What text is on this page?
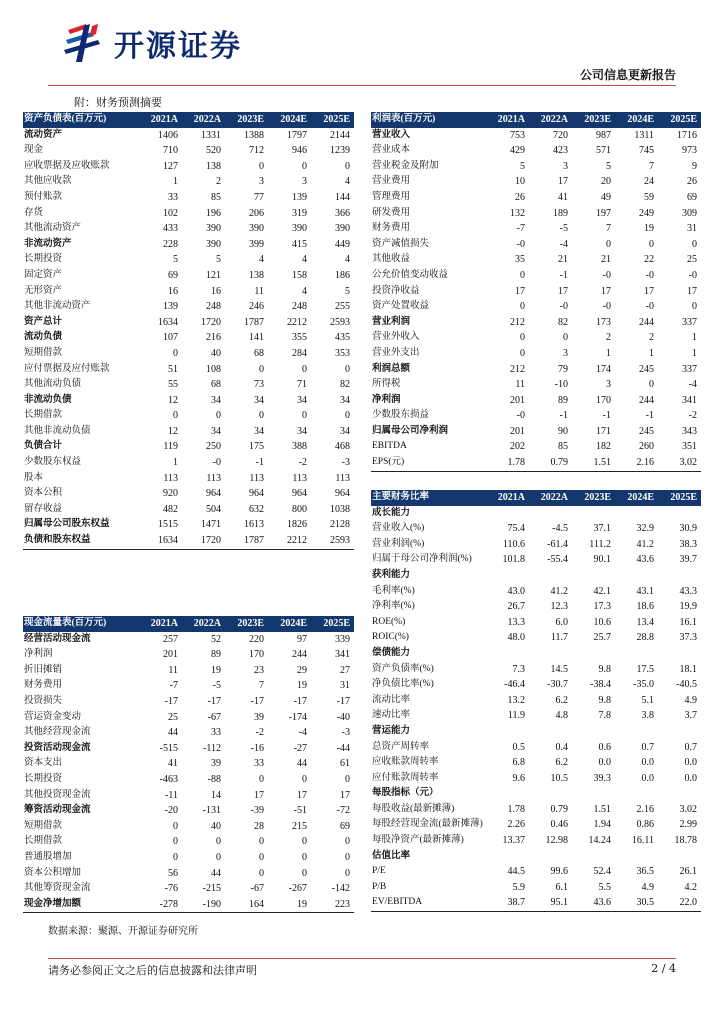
开源证券
公司信息更新报告
附：财务预测摘要
资产负债表(百万元)	2021A	2022A	2023E	2024E	2025E
流动资产	1406	1331	1388	1797	2144
现金	710	520	712	946	1239
应收票据及应收账款	127	138	0	0	0
其他应收款	1	2	3	3	4
预付账款	33	85	77	139	144
存货	102	196	206	319	366
其他流动资产	433	390	390	390	390
非流动资产	228	390	399	415	449
长期投资	5	5	4	4	4
固定资产	69	121	138	158	186
无形资产	16	16	11	4	5
其他非流动资产	139	248	246	248	255
资产总计	1634	1720	1787	2212	2593
流动负债	107	216	141	355	435
短期借款	0	40	68	284	353
应付票据及应付账款	51	108	0	0	0
其他流动负债	55	68	73	71	82
非流动负债	12	34	34	34	34
长期借款	0	0	0	0	0
其他非流动负债	12	34	34	34	34
负债合计	119	250	175	388	468
少数股东权益	1	-0	-1	-2	-3
股本	113	113	113	113	113
资本公积	920	964	964	964	964
留存收益	482	504	632	800	1038
归属母公司股东权益	1515	1471	1613	1826	2128
负债和股东权益	1634	1720	1787	2212	2593
利润表(百万元)	2021A	2022A	2023E	2024E	2025E
营业收入	753	720	987	1311	1716
营业成本	429	423	571	745	973
营业税金及附加	5	3	5	7	9
营业费用	10	17	20	24	26
管理费用	26	41	49	59	69
研发费用	132	189	197	249	309
财务费用	-7	-5	7	19	31
资产减值损失	-0	-4	0	0	0
其他收益	35	21	21	22	25
公允价值变动收益	0	-1	-0	-0	-0
投资净收益	17	17	17	17	17
资产处置收益	0	-0	-0	-0	0
营业利润	212	82	173	244	337
营业外收入	0	0	2	2	1
营业外支出	0	3	1	1	1
利润总额	212	79	174	245	337
所得税	11	-10	3	0	-4
净利润	201	89	170	244	341
少数股东损益	-0	-1	-1	-1	-2
归属母公司净利润	201	90	171	245	343
EBITDA	202	85	182	260	351
EPS(元)	1.78	0.79	1.51	2.16	3.02
主要财务比率	2021A	2022A	2023E	2024E	2025E
成长能力					
营业收入(%)	75.4	-4.5	37.1	32.9	30.9
营业利润(%)	110.6	-61.4	111.2	41.2	38.3
归属于母公司净利润(%)	101.8	-55.4	90.1	43.6	39.7
获利能力					
毛利率(%)	43.0	41.2	42.1	43.1	43.3
净利率(%)	26.7	12.3	17.3	18.6	19.9
ROE(%)	13.3	6.0	10.6	13.4	16.1
ROIC(%)	48.0	11.7	25.7	28.8	37.3
偿债能力					
资产负债率(%)	7.3	14.5	9.8	17.5	18.1
净负债比率(%)	-46.4	-30.7	-38.4	-35.0	-40.5
流动比率	13.2	6.2	9.8	5.1	4.9
速动比率	11.9	4.8	7.8	3.8	3.7
营运能力					
总资产周转率	0.5	0.4	0.6	0.7	0.7
应收账款周转率	6.8	6.2	0.0	0.0	0.0
应付账款周转率	9.6	10.5	39.3	0.0	0.0
每股指标（元）					
每股收益(最新摊薄)	1.78	0.79	1.51	2.16	3.02
每股经营现金流(最新摊薄)	2.26	0.46	1.94	0.86	2.99
每股净资产(最新摊薄)	13.37	12.98	14.24	16.11	18.78
估值比率					
P/E	44.5	99.6	52.4	36.5	26.1
P/B	5.9	6.1	5.5	4.9	4.2
EV/EBITDA	38.7	95.1	43.6	30.5	22.0
现金流量表(百万元)	2021A	2022A	2023E	2024E	2025E
经营活动现金流	257	52	220	97	339
净利润	201	89	170	244	341
折旧摊销	11	19	23	29	27
财务费用	-7	-5	7	19	31
投资损失	-17	-17	-17	-17	-17
营运资金变动	25	-67	39	-174	-40
其他经营现金流	44	33	-2	-4	-3
投资活动现金流	-515	-112	-16	-27	-44
资本支出	41	39	33	44	61
长期投资	-463	-88	0	0	0
其他投资现金流	-11	14	17	17	17
筹资活动现金流	-20	-131	-39	-51	-72
短期借款	0	40	28	215	69
长期借款	0	0	0	0	0
普通股增加	0	0	0	0	0
资本公积增加	56	44	0	0	0
其他筹资现金流	-76	-215	-67	-267	-142
现金净增加额	-278	-190	164	19	223
数据来源：聚源、开源证券研究所
请务必参阅正文之后的信息披露和法律声明	2 / 4
